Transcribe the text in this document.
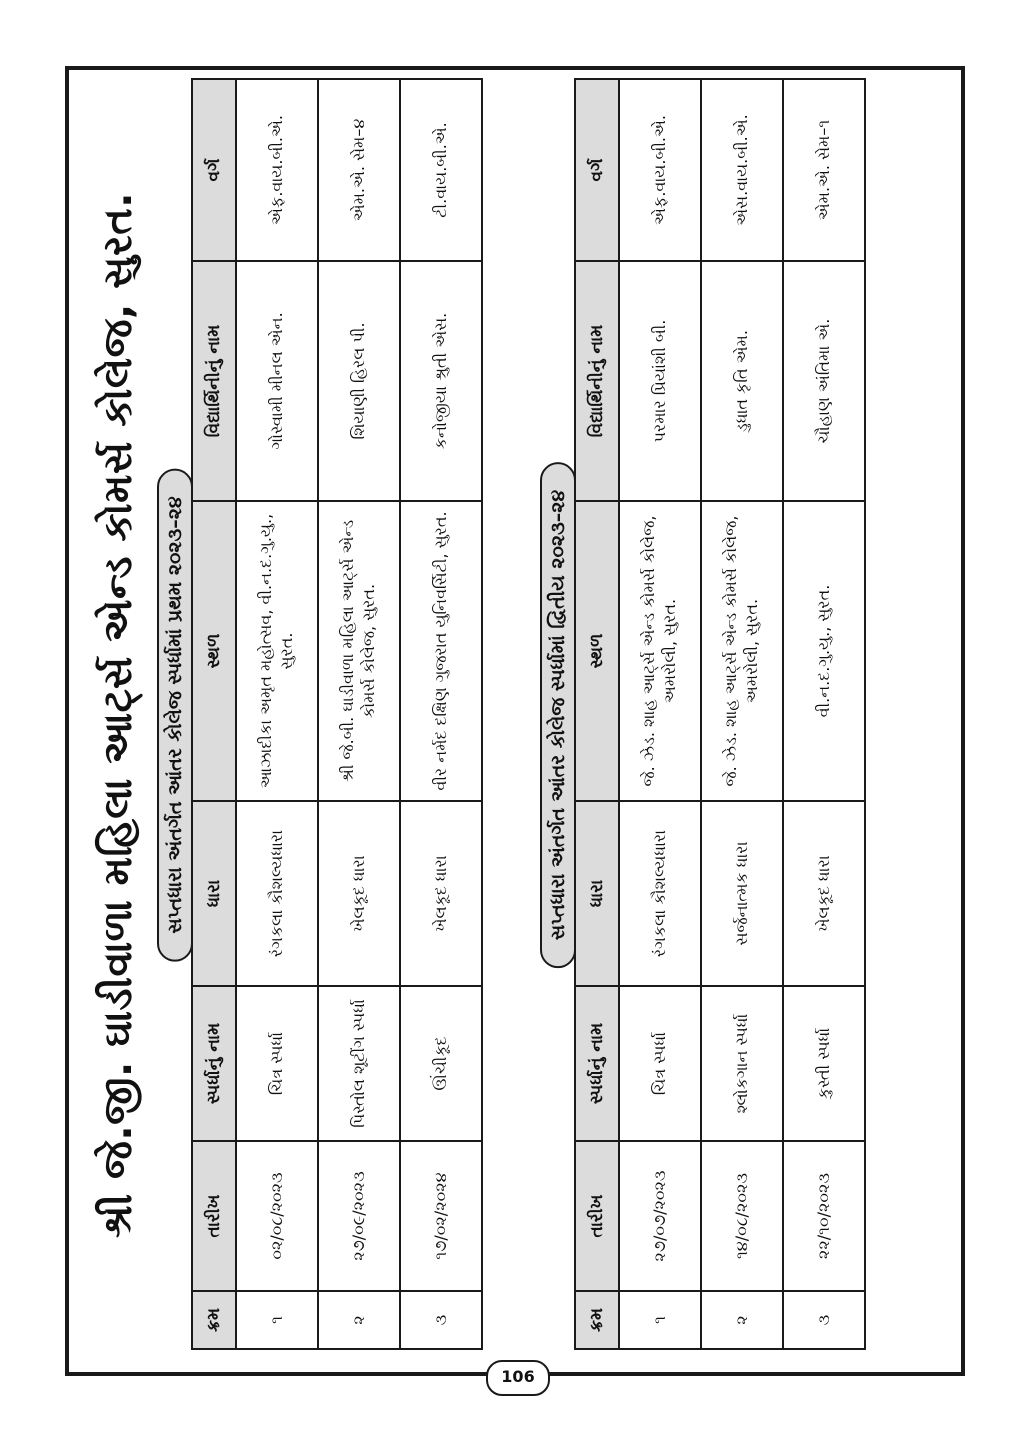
શ્રી જે.જી. ઘાડીવાળા મહિલા આર્ટ્સ એન્ડ કોમર્સ કોલેજ, સુરત.	સપ્તધારા અંતર્ગત આંતર કોલેજ સ્પર્ધામાં પ્રથમ ૨૦૨૩–૨૪
ક્રમ	તારીખ	સ્પર્ધાનું નામ	ધારા	સ્થળ	વિદ્યાર્થિનીનું નામ	વર્ગ
૧	૦૨/૦૮/૨૦૨૩	ચિત્ર સ્પર્ધા	રંગકલા કૌશલ્યધારા	આઝાદીકા અમૃત મહોત્સવ, વી.ન.દ.ગુ.યુ., સુરત.	ગોસ્વામી મીનલ એન.	એફ.વાય.બી.એ.
૨	૨૭/૦૯/૨૦૨૩	પિસ્તોલ શૂટીંગ સ્પર્ધા	ખેલકૂદ ધારા	શ્રી જે.બી. ઘાડીવાળા મહિલા આર્ટ્સ એન્ડ કોમર્સ કોલેજ, સુરત.	શિયાણી હિરલ પી.	એમ.એ. સેમ–૪
૩	૧૭/૦૨/૨૦૨૪	ઊંચીકૂદ	ખેલકૂદ ધારા	વીર નર્મદ દક્ષિણ ગુજરાત યુનિવર્સિટી, સુરત.	કનોજીયા શ્રુતી એસ.	ટી.વાય.બી.એ.
સપ્તધારા અંતર્ગત આંતર કોલેજ સ્પર્ધામાં દ્વિતીય ૨૦૨૩–૨૪
ક્રમ	તારીખ	સ્પર્ધાનું નામ	ધારા	સ્થળ	વિદ્યાર્થિનીનું નામ	વર્ગ
૧	૨૭/૦૭/૨૦૨૩	ચિત્ર સ્પર્ધા	રંગકલા કૌશલ્યધારા	જે. ઝેડ. શાહ આર્ટ્સ એન્ડ કોમર્સ કોલેજ, અમરોલી, સુરત.	પરમાર પ્રિયાંશી બી.	એફ.વાય.બી.એ.
૨	૧૪/૦૮/૨૦૨૩	શ્લોકગાન સ્પર્ધા	સર્જનાત્મક ધારા	જે. ઝેડ. શાહ આર્ટ્સ એન્ડ કોમર્સ કોલેજ, અમરોલી, સુરત.	ડુધાત કૃતિ એમ.	એસ.વાય.બી.એ.
૩	૨૨/૧૦/૨૦૨૩	કુસ્તી સ્પર્ધા	ખેલકૂદ ધારા	વી.ન.દ.ગુ.યુ., સુરત.	ચૌહાણ અંતિમા એ.	એમ.એ. સેમ–૧
106
